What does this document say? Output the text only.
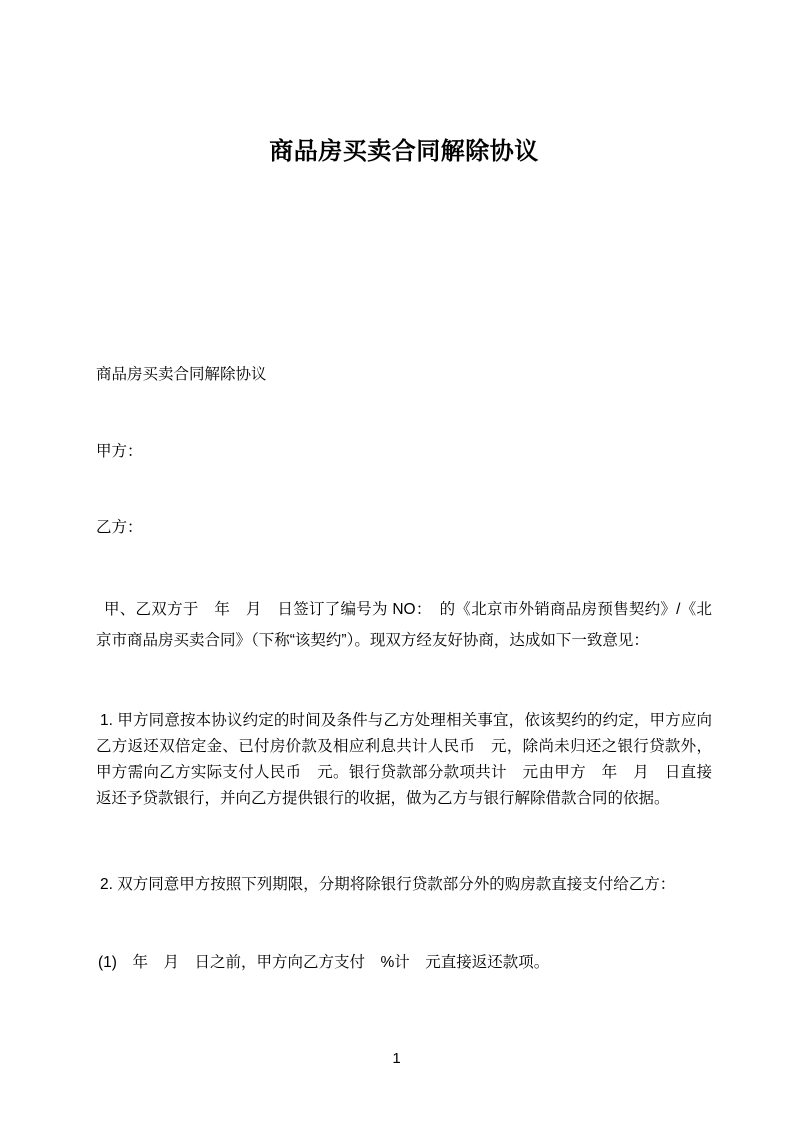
商品房买卖合同解除协议

商品房买卖合同解除协议

甲方：

乙方：

甲、乙双方于　年　月　日签订了编号为 NO：　的《北京市外销商品房预售契约》/《北京市商品房买卖合同》（下称“该契约”）。现双方经友好协商，达成如下一致意见：

1. 甲方同意按本协议约定的时间及条件与乙方处理相关事宜，依该契约的约定，甲方应向乙方返还双倍定金、已付房价款及相应利息共计人民币　元，除尚未归还之银行贷款外，甲方需向乙方实际支付人民币　元。银行贷款部分款项共计　元由甲方　年　月　日直接返还予贷款银行，并向乙方提供银行的收据，做为乙方与银行解除借款合同的依据。

2. 双方同意甲方按照下列期限，分期将除银行贷款部分外的购房款直接支付给乙方：

(1)　年　月　日之前，甲方向乙方支付　%计　元直接返还款项。

1
